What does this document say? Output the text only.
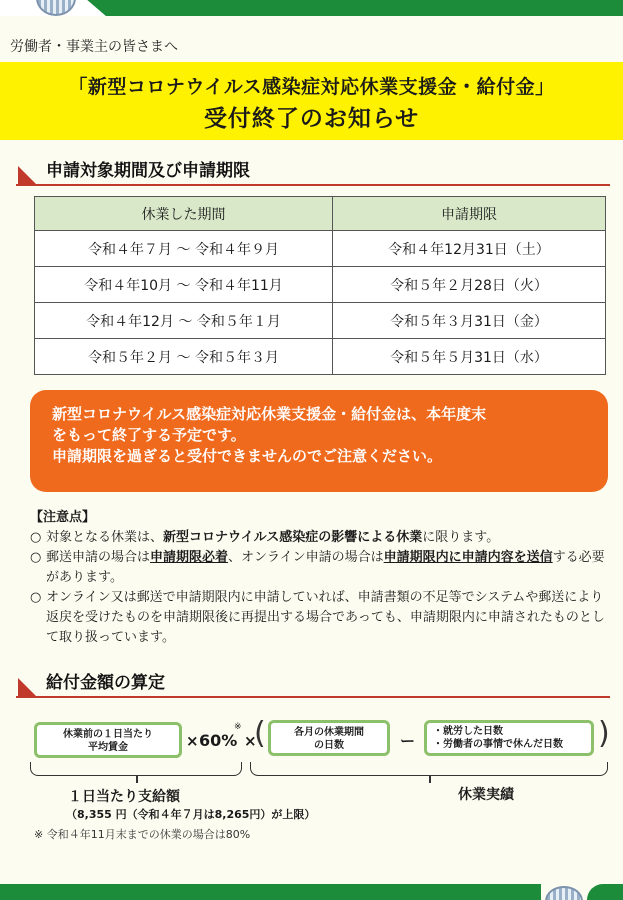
労働者・事業主の皆さまへ
「新型コロナウイルス感染症対応休業支援金・給付金」
受付終了のお知らせ
申請対象期間及び申請期限
休業した期間	申請期限
令和４年７月 ～ 令和４年９月	令和４年12月31日（土）
令和４年10月 ～ 令和４年11月	令和５年２月28日（火）
令和４年12月 ～ 令和５年１月	令和５年３月31日（金）
令和５年２月 ～ 令和５年３月	令和５年５月31日（水）
新型コロナウイルス感染症対応休業支援金・給付金は、本年度末
をもって終了する予定です。
申請期限を過ぎると受付できませんのでご注意ください。
【注意点】
○ 対象となる休業は、新型コロナウイルス感染症の影響による休業に限ります。
○ 郵送申請の場合は申請期限必着、オンライン申請の場合は申請期限内に申請内容を送信する必要があります。
○ オンライン又は郵送で申請期限内に申請していれば、申請書類の不足等でシステムや郵送により返戻を受けたものを申請期限後に再提出する場合であっても、申請期限内に申請されたものとして取り扱っています。
給付金額の算定
休業前の１日当たり
平均賃金	× 60%
※
×
(	各月の休業期間
の日数	ー
・就労した日数
・労働者の事情で休んだ日数	)
１日当たり支給額
（8,355 円（令和４年７月は8,265円）が上限）
休業実績
※ 令和４年11月末までの休業の場合は80%
